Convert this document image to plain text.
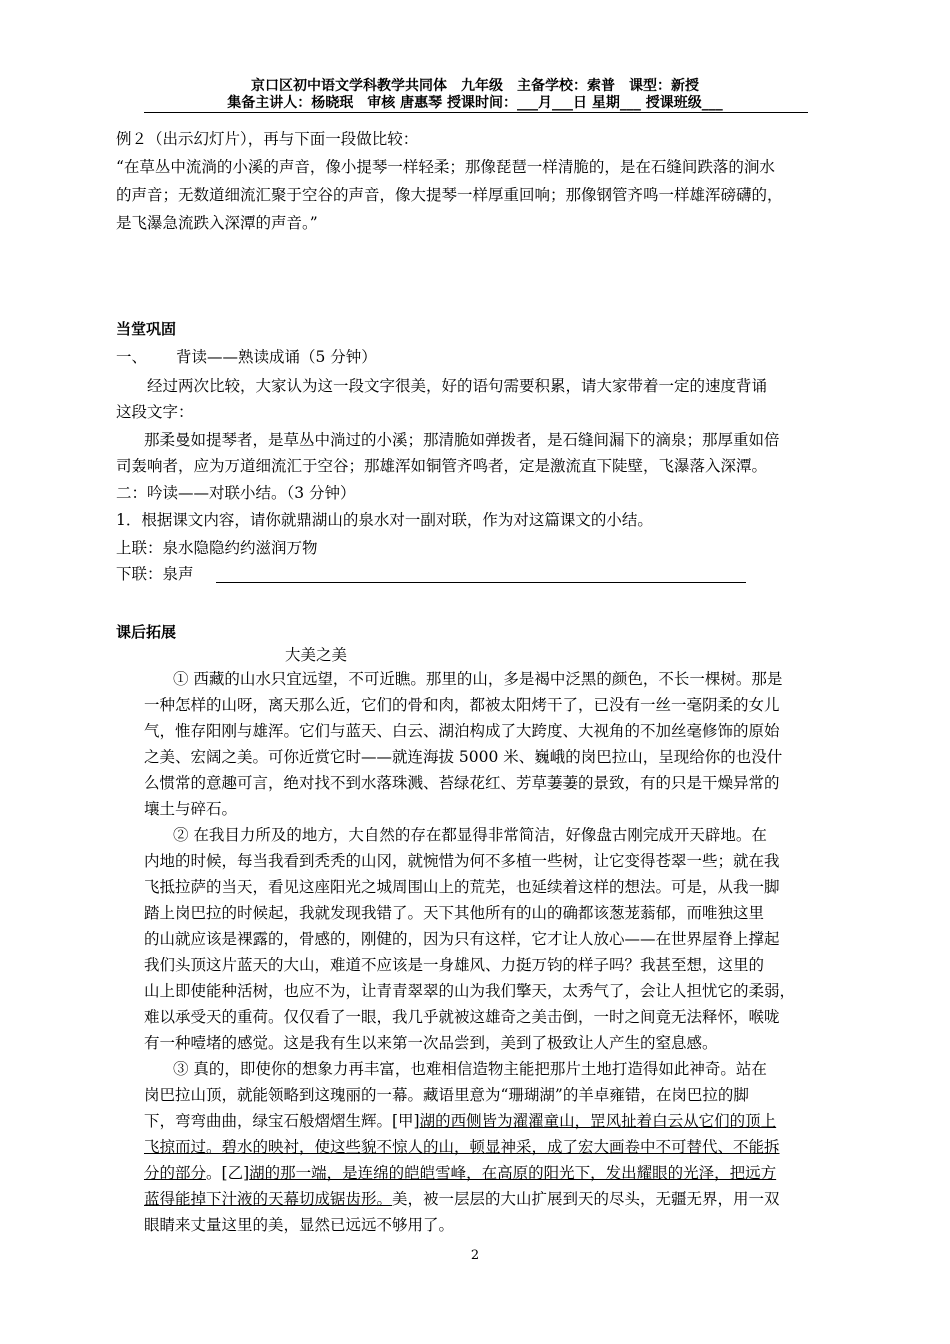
京口区初中语文学科教学共同体　九年级　主备学校：索普　课型：新授
集备主讲人：杨晓珉　审核 唐惠琴 授课时间：___月___日 星期___ 授课班级___
例２（出示幻灯片），再与下面一段做比较：
“在草丛中流淌的小溪的声音，像小提琴一样轻柔；那像琵琶一样清脆的，是在石缝间跌落的涧水
的声音；无数道细流汇聚于空谷的声音，像大提琴一样厚重回响；那像钢管齐鸣一样雄浑磅礴的，
是飞瀑急流跌入深潭的声音。”
当堂巩固
一、	背读——熟读成诵（5 分钟）
经过两次比较，大家认为这一段文字很美，好的语句需要积累，请大家带着一定的速度背诵
这段文字：
那柔曼如提琴者，是草丛中淌过的小溪；那清脆如弹拨者，是石缝间漏下的滴泉；那厚重如倍
司轰响者，应为万道细流汇于空谷；那雄浑如铜管齐鸣者，定是激流直下陡壁，飞瀑落入深潭。
二：吟读——对联小结。（3 分钟）
1．根据课文内容，请你就鼎湖山的泉水对一副对联，作为对这篇课文的小结。
上联：泉水隐隐约约滋润万物
下联：泉声
课后拓展
大美之美
① 西藏的山水只宜远望，不可近瞧。那里的山，多是褐中泛黑的颜色，不长一棵树。那是
一种怎样的山呀，离天那么近，它们的骨和肉，都被太阳烤干了，已没有一丝一毫阴柔的女儿
气，惟存阳刚与雄浑。它们与蓝天、白云、湖泊构成了大跨度、大视角的不加丝毫修饰的原始
之美、宏阔之美。可你近赏它时——就连海拔 5000 米、巍峨的岗巴拉山，呈现给你的也没什
么惯常的意趣可言，绝对找不到水落珠溅、苔绿花红、芳草萋萋的景致，有的只是干燥异常的
壤土与碎石。
② 在我目力所及的地方，大自然的存在都显得非常简洁，好像盘古刚完成开天辟地。在
内地的时候，每当我看到秃秃的山冈，就惋惜为何不多植一些树，让它变得苍翠一些；就在我
飞抵拉萨的当天，看见这座阳光之城周围山上的荒芜，也延续着这样的想法。可是，从我一脚
踏上岗巴拉的时候起，我就发现我错了。天下其他所有的山的确都该葱茏蓊郁，而唯独这里
的山就应该是裸露的，骨感的，刚健的，因为只有这样，它才让人放心——在世界屋脊上撑起
我们头顶这片蓝天的大山，难道不应该是一身雄风、力挺万钧的样子吗？我甚至想，这里的
山上即使能种活树，也应不为，让青青翠翠的山为我们擎天，太秀气了，会让人担忧它的柔弱，
难以承受天的重荷。仅仅看了一眼，我几乎就被这雄奇之美击倒，一时之间竟无法释怀，喉咙
有一种噎堵的感觉。这是我有生以来第一次品尝到，美到了极致让人产生的窒息感。
③ 真的，即使你的想象力再丰富，也难相信造物主能把那片土地打造得如此神奇。站在
岗巴拉山顶，就能领略到这瑰丽的一幕。藏语里意为“珊瑚湖”的羊卓雍错，在岗巴拉的脚
下，弯弯曲曲，绿宝石般熠熠生辉。[甲]湖的西侧皆为濯濯童山，罡风扯着白云从它们的顶上
飞掠而过。碧水的映衬，使这些貌不惊人的山，顿显神采，成了宏大画卷中不可替代、不能拆
分的部分。[乙]湖的那一端，是连绵的皑皑雪峰，在高原的阳光下，发出耀眼的光泽，把远方
蓝得能掉下汁液的天幕切成锯齿形。美，被一层层的大山扩展到天的尽头，无疆无界，用一双
眼睛来丈量这里的美，显然已远远不够用了。
2
